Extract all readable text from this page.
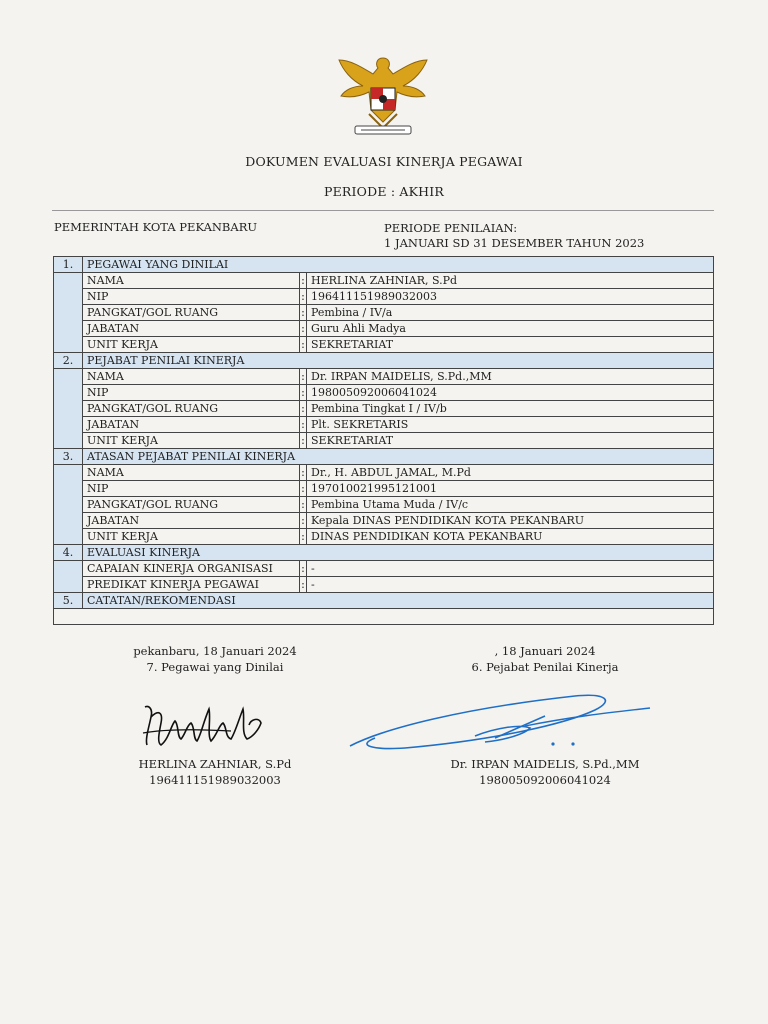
DOKUMEN EVALUASI KINERJA PEGAWAI
PERIODE : AKHIR
PEMERINTAH KOTA PEKANBARU	PERIODE PENILAIAN:
1 JANUARI SD 31 DESEMBER TAHUN 2023
1.	PEGAWAI YANG DINILAI		
	NAMA	:	HERLINA ZAHNIAR, S.Pd
	NIP	:	196411151989032003
	PANGKAT/GOL RUANG	:	Pembina / IV/a
	JABATAN	:	Guru Ahli Madya
	UNIT KERJA	:	SEKRETARIAT
2.	PEJABAT PENILAI KINERJA		
	NAMA	:	Dr. IRPAN MAIDELIS, S.Pd.,MM
	NIP	:	198005092006041024
	PANGKAT/GOL RUANG	:	Pembina Tingkat I / IV/b
	JABATAN	:	Plt. SEKRETARIS
	UNIT KERJA	:	SEKRETARIAT
3.	ATASAN PEJABAT PENILAI KINERJA		
	NAMA	:	Dr., H. ABDUL JAMAL, M.Pd
	NIP	:	197010021995121001
	PANGKAT/GOL RUANG	:	Pembina Utama Muda / IV/c
	JABATAN	:	Kepala DINAS PENDIDIKAN KOTA PEKANBARU
	UNIT KERJA	:	DINAS PENDIDIKAN KOTA PEKANBARU
4.	EVALUASI KINERJA		
	CAPAIAN KINERJA ORGANISASI	:	-
	PREDIKAT KINERJA PEGAWAI	:	-
5.	CATATAN/REKOMENDASI		

pekanbaru, 18 Januari 2024
7. Pegawai yang Dinilai
, 18 Januari 2024
6. Pejabat Penilai Kinerja
HERLINA ZAHNIAR, S.Pd
196411151989032003
Dr. IRPAN MAIDELIS, S.Pd.,MM
198005092006041024
